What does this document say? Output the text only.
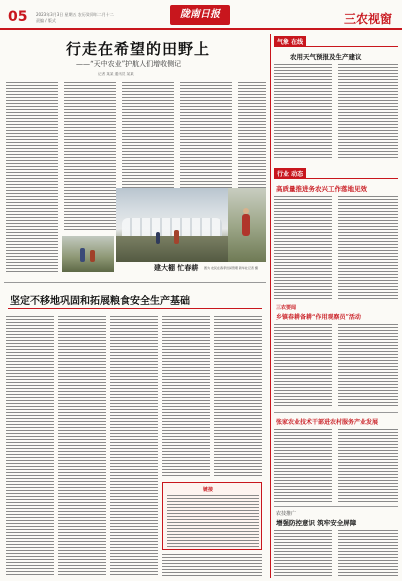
05 2023年3月3日 星期五 农历癸卯年二月十二
责编 / 版式
陇南日报	三农视窗
行走在希望的田野上
——“天中农业”护航人们增收侧记
记者 某某 通讯员 某某
建大棚 忙春耕 图为 农民在春季田间管理 新华社记者 摄
坚定不移地巩固和拓展粮食安全生产基础
链接
气象 在线
农用天气预报及生产建议
行业 动态
高质量推进务农兴工作落地见效
三农要闻
乡镇春耕备耕“作用观察员”活动
张家农业技术干部进农村服务产业发展
农技推广
增强防控意识 筑牢安全屏障
